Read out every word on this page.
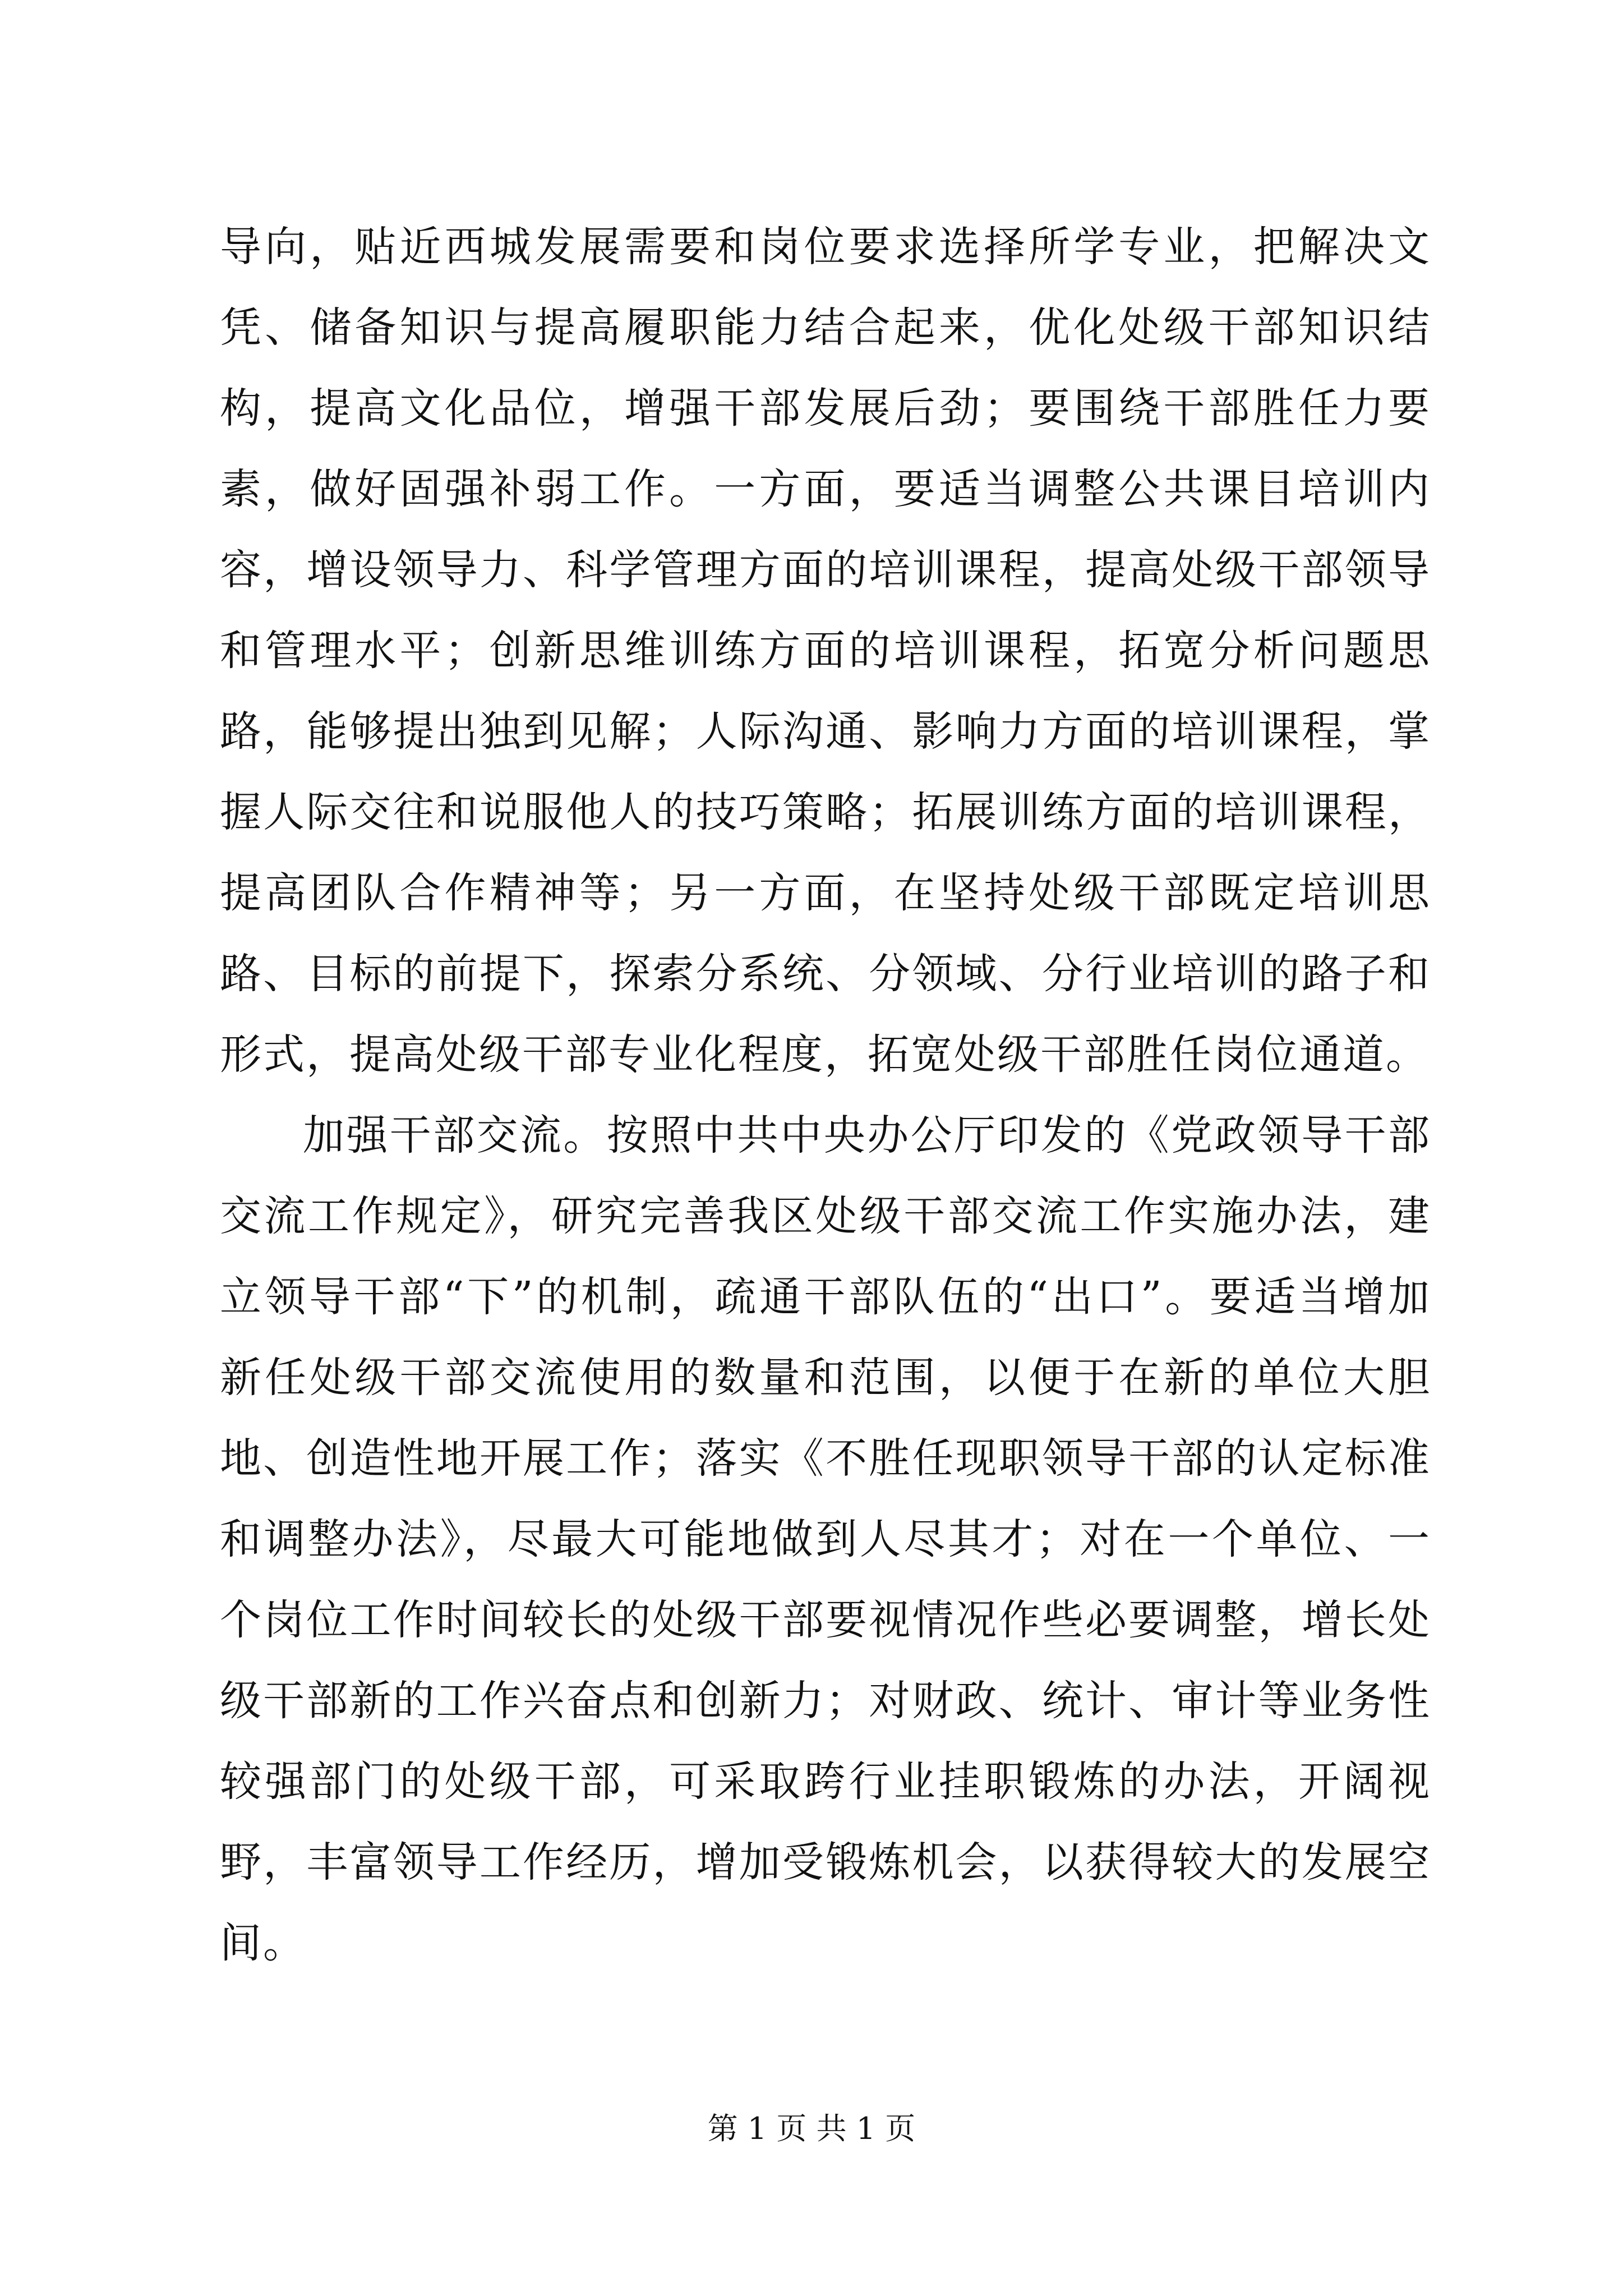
导向，贴近西城发展需要和岗位要求选择所学专业，把解决文凭、储备知识与提高履职能力结合起来，优化处级干部知识结构，提高文化品位，增强干部发展后劲；要围绕干部胜任力要素，做好固强补弱工作。一方面，要适当调整公共课目培训内容，增设领导力、科学管理方面的培训课程，提高处级干部领导和管理水平；创新思维训练方面的培训课程，拓宽分析问题思路，能够提出独到见解；人际沟通、影响力方面的培训课程，掌握人际交往和说服他人的技巧策略；拓展训练方面的培训课程，提高团队合作精神等；另一方面，在坚持处级干部既定培训思路、目标的前提下，探索分系统、分领域、分行业培训的路子和形式，提高处级干部专业化程度，拓宽处级干部胜任岗位通道。

加强干部交流。按照中共中央办公厅印发的《党政领导干部交流工作规定》，研究完善我区处级干部交流工作实施办法，建立领导干部“下”的机制，疏通干部队伍的“出口”。要适当增加新任处级干部交流使用的数量和范围，以便于在新的单位大胆地、创造性地开展工作；落实《不胜任现职领导干部的认定标准和调整办法》，尽最大可能地做到人尽其才；对在一个单位、一个岗位工作时间较长的处级干部要视情况作些必要调整，增长处级干部新的工作兴奋点和创新力；对财政、统计、审计等业务性较强部门的处级干部，可采取跨行业挂职锻炼的办法，开阔视野，丰富领导工作经历，增加受锻炼机会，以获得较大的发展空间。

第 1 页 共 1 页
